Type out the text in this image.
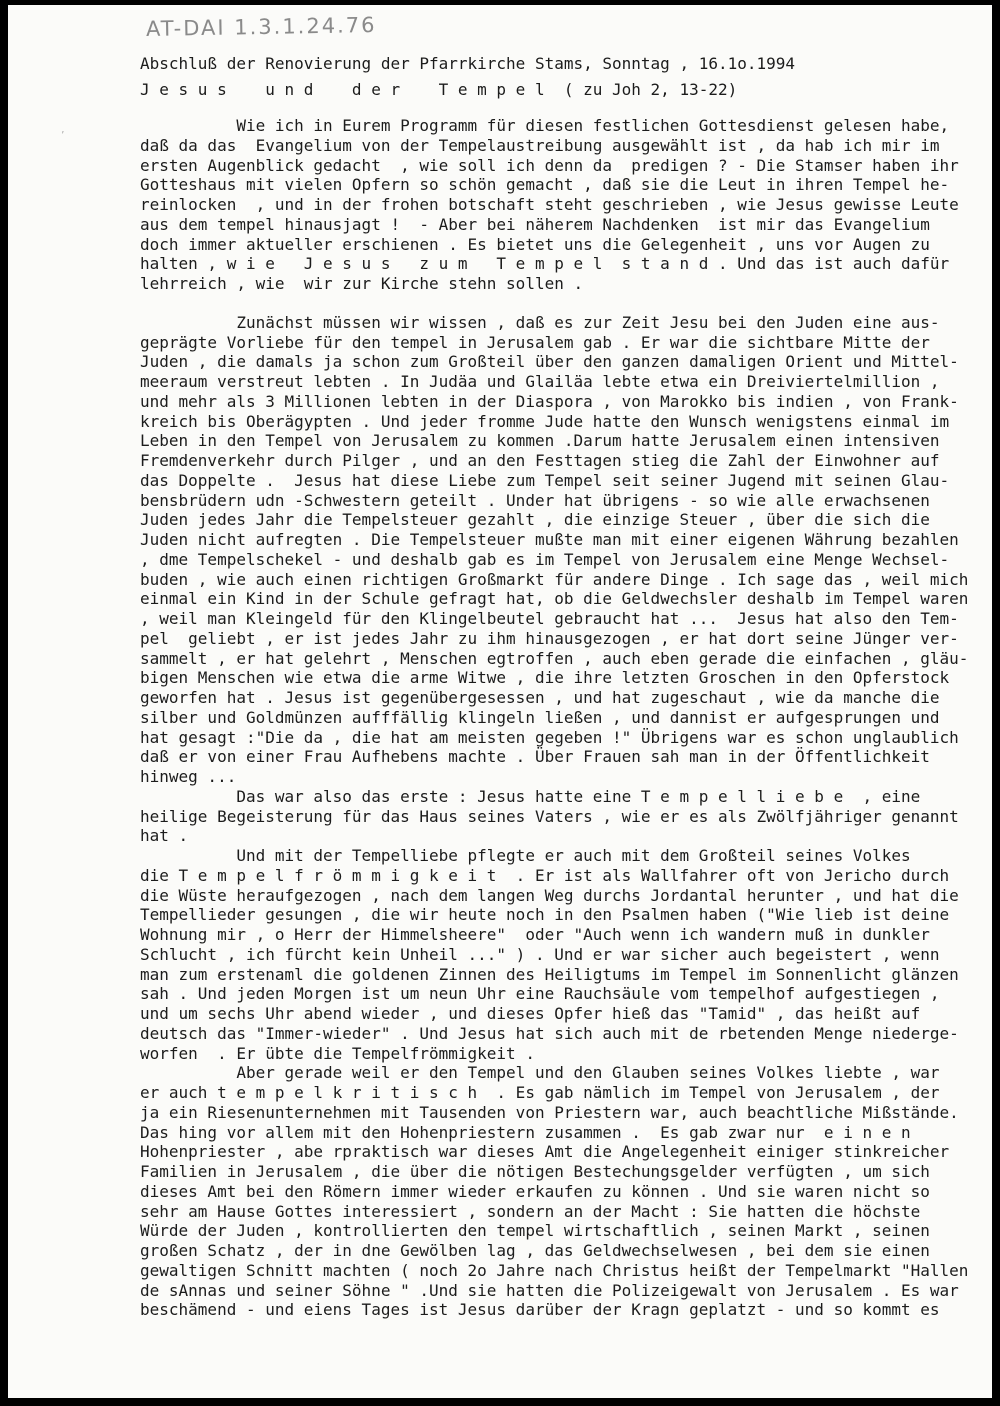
AT-DAI 1.3.1.24.76
’
Abschluß der Renovierung der Pfarrkirche Stams, Sonntag , 16.1o.1994
J e s u s    u n d    d e r    T e m p e l  ( zu Joh 2, 13-22)
Wie ich in Eurem Programm für diesen festlichen Gottesdienst gelesen habe,
daß da das  Evangelium von der Tempelaustreibung ausgewählt ist , da hab ich mir im
ersten Augenblick gedacht  , wie soll ich denn da  predigen ? - Die Stamser haben ihr
Gotteshaus mit vielen Opfern so schön gemacht , daß sie die Leut in ihren Tempel he-
reinlocken  , und in der frohen botschaft steht geschrieben , wie Jesus gewisse Leute
aus dem tempel hinausjagt !  - Aber bei näherem Nachdenken  ist mir das Evangelium
doch immer aktueller erschienen . Es bietet uns die Gelegenheit , uns vor Augen zu
halten , w i e   J e s u s   z u m   T e m p e l  s t a n d . Und das ist auch dafür
lehrreich , wie  wir zur Kirche stehn sollen .
Zunächst müssen wir wissen , daß es zur Zeit Jesu bei den Juden eine aus-
geprägte Vorliebe für den tempel in Jerusalem gab . Er war die sichtbare Mitte der
Juden , die damals ja schon zum Großteil über den ganzen damaligen Orient und Mittel-
meeraum verstreut lebten . In Judäa und Glailäa lebte etwa ein Dreiviertelmillion ,
und mehr als 3 Millionen lebten in der Diaspora , von Marokko bis indien , von Frank-
kreich bis Oberägypten . Und jeder fromme Jude hatte den Wunsch wenigstens einmal im
Leben in den Tempel von Jerusalem zu kommen .Darum hatte Jerusalem einen intensiven
Fremdenverkehr durch Pilger , und an den Festtagen stieg die Zahl der Einwohner auf
das Doppelte .  Jesus hat diese Liebe zum Tempel seit seiner Jugend mit seinen Glau-
bensbrüdern udn -Schwestern geteilt . Under hat übrigens - so wie alle erwachsenen
Juden jedes Jahr die Tempelsteuer gezahlt , die einzige Steuer , über die sich die
Juden nicht aufregten . Die Tempelsteuer mußte man mit einer eigenen Währung bezahlen
, dme Tempelschekel - und deshalb gab es im Tempel von Jerusalem eine Menge Wechsel-
buden , wie auch einen richtigen Großmarkt für andere Dinge . Ich sage das , weil mich
einmal ein Kind in der Schule gefragt hat, ob die Geldwechsler deshalb im Tempel waren
, weil man Kleingeld für den Klingelbeutel gebraucht hat ...  Jesus hat also den Tem-
pel  geliebt , er ist jedes Jahr zu ihm hinausgezogen , er hat dort seine Jünger ver-
sammelt , er hat gelehrt , Menschen egtroffen , auch eben gerade die einfachen , gläu-
bigen Menschen wie etwa die arme Witwe , die ihre letzten Groschen in den Opferstock
geworfen hat . Jesus ist gegenübergesessen , und hat zugeschaut , wie da manche die
silber und Goldmünzen aufffällig klingeln ließen , und dannist er aufgesprungen und
hat gesagt :"Die da , die hat am meisten gegeben !" Übrigens war es schon unglaublich
daß er von einer Frau Aufhebens machte . Über Frauen sah man in der Öffentlichkeit
hinweg ...
Das war also das erste : Jesus hatte eine T e m p e l l i e b e  , eine
heilige Begeisterung für das Haus seines Vaters , wie er es als Zwölfjähriger genannt
hat .
Und mit der Tempelliebe pflegte er auch mit dem Großteil seines Volkes
die T e m p e l f r ö m m i g k e i t  . Er ist als Wallfahrer oft von Jericho durch
die Wüste heraufgezogen , nach dem langen Weg durchs Jordantal herunter , und hat die
Tempellieder gesungen , die wir heute noch in den Psalmen haben ("Wie lieb ist deine
Wohnung mir , o Herr der Himmelsheere"  oder "Auch wenn ich wandern muß in dunkler
Schlucht , ich fürcht kein Unheil ..." ) . Und er war sicher auch begeistert , wenn
man zum erstenaml die goldenen Zinnen des Heiligtums im Tempel im Sonnenlicht glänzen
sah . Und jeden Morgen ist um neun Uhr eine Rauchsäule vom tempelhof aufgestiegen ,
und um sechs Uhr abend wieder , und dieses Opfer hieß das "Tamid" , das heißt auf
deutsch das "Immer-wieder" . Und Jesus hat sich auch mit de rbetenden Menge niederge-
worfen  . Er übte die Tempelfrömmigkeit .
Aber gerade weil er den Tempel und den Glauben seines Volkes liebte , war
er auch t e m p e l k r i t i s c h  . Es gab nämlich im Tempel von Jerusalem , der
ja ein Riesenunternehmen mit Tausenden von Priestern war, auch beachtliche Mißstände.
Das hing vor allem mit den Hohenpriestern zusammen .  Es gab zwar nur  e i n e n
Hohenpriester , abe rpraktisch war dieses Amt die Angelegenheit einiger stinkreicher
Familien in Jerusalem , die über die nötigen Bestechungsgelder verfügten , um sich
dieses Amt bei den Römern immer wieder erkaufen zu können . Und sie waren nicht so
sehr am Hause Gottes interessiert , sondern an der Macht : Sie hatten die höchste
Würde der Juden , kontrollierten den tempel wirtschaftlich , seinen Markt , seinen
großen Schatz , der in dne Gewölben lag , das Geldwechselwesen , bei dem sie einen
gewaltigen Schnitt machten ( noch 2o Jahre nach Christus heißt der Tempelmarkt "Hallen
de sAnnas und seiner Söhne " .Und sie hatten die Polizeigewalt von Jerusalem . Es war
beschämend - und eiens Tages ist Jesus darüber der Kragn geplatzt - und so kommt es
